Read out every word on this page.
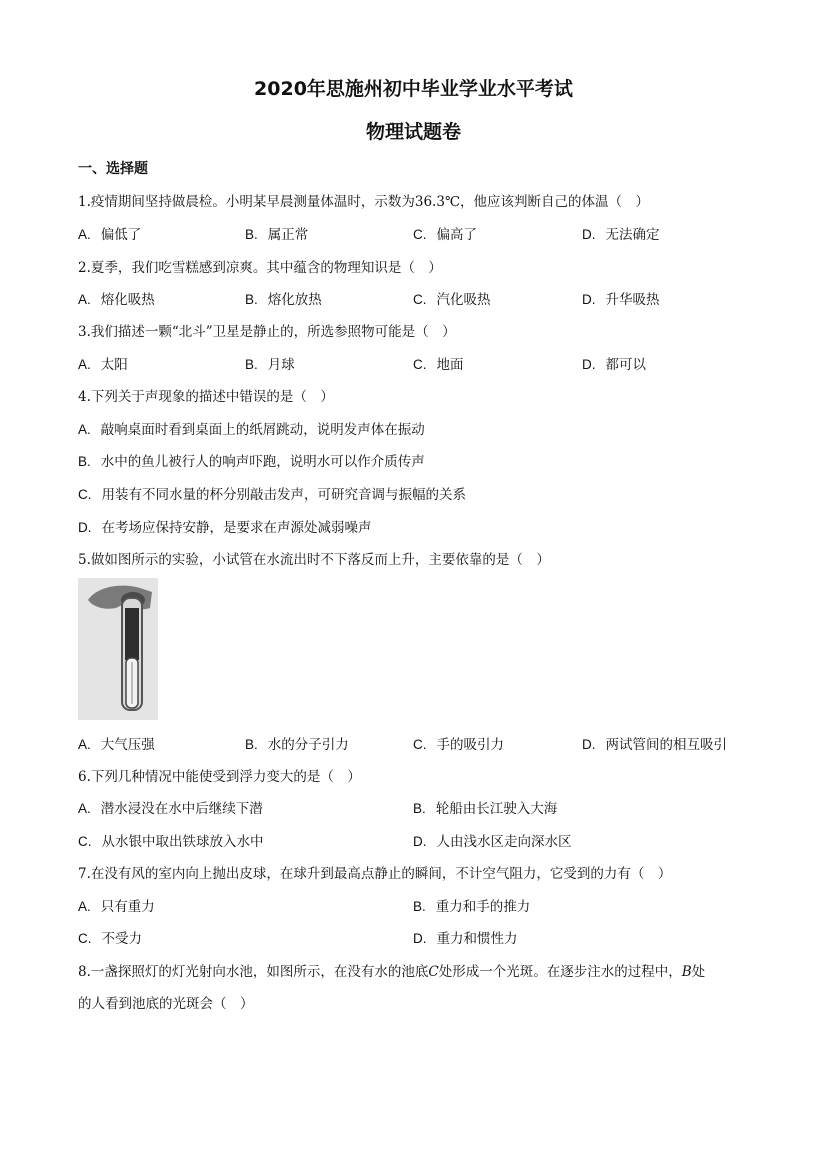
2020年思施州初中毕业学业水平考试
物理试题卷
一、选择题
1.疫情期间坚持做晨检。小明某早晨测量体温时，示数为36.3℃，他应该判断自己的体温（　）
A. 偏低了	B. 属正常	C. 偏高了	D. 无法确定
2.夏季，我们吃雪糕感到凉爽。其中蕴含的物理知识是（　）
A. 熔化吸热	B. 熔化放热	C. 汽化吸热	D. 升华吸热
3.我们描述一颗“北斗”卫星是静止的，所选参照物可能是（　）
A. 太阳	B. 月球	C. 地面	D. 都可以
4.下列关于声现象的描述中错误的是（　）
A. 敲响桌面时看到桌面上的纸屑跳动，说明发声体在振动
B. 水中的鱼儿被行人的响声吓跑，说明水可以作介质传声
C. 用装有不同水量的杯分别敲击发声，可研究音调与振幅的关系
D. 在考场应保持安静，是要求在声源处减弱噪声
5.做如图所示的实验，小试管在水流出时不下落反而上升，主要依靠的是（　）
A. 大气压强	B. 水的分子引力	C. 手的吸引力	D. 两试管间的相互吸引
6.下列几种情况中能使受到浮力变大的是（　）
A. 潜水浸没在水中后继续下潜	B. 轮船由长江驶入大海
C. 从水银中取出铁球放入水中	D. 人由浅水区走向深水区
7.在没有风的室内向上抛出皮球，在球升到最高点静止的瞬间，不计空气阻力，它受到的力有（　）
A. 只有重力	B. 重力和手的推力
C. 不受力	D. 重力和惯性力
8.一盏探照灯的灯光射向水池，如图所示，在没有水的池底C处形成一个光斑。在逐步注水的过程中，B处
的人看到池底的光斑会（　）
